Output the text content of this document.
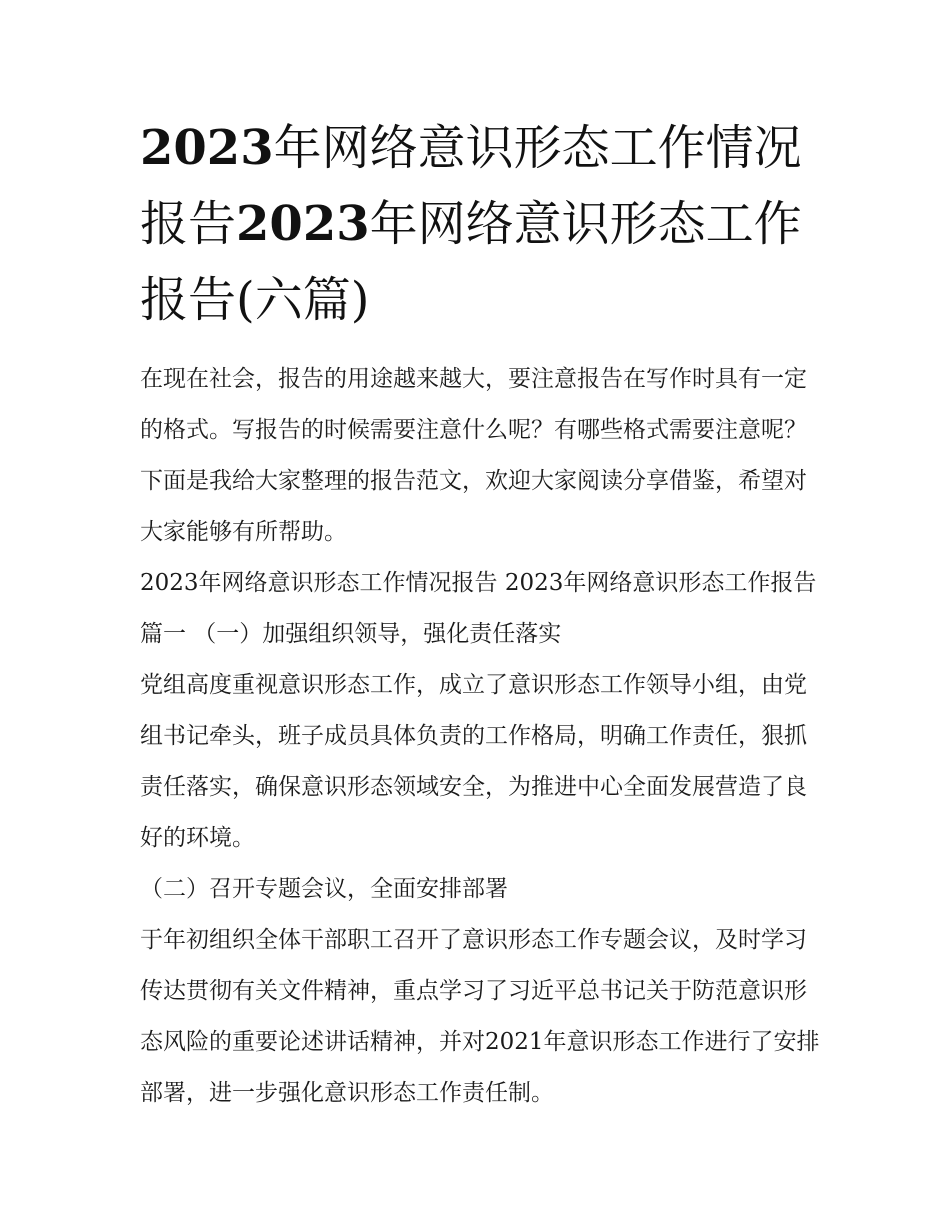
2023年网络意识形态工作情况报告2023年网络意识形态工作报告(六篇)

在现在社会，报告的用途越来越大，要注意报告在写作时具有一定的格式。写报告的时候需要注意什么呢？有哪些格式需要注意呢？下面是我给大家整理的报告范文，欢迎大家阅读分享借鉴，希望对大家能够有所帮助。

2023年网络意识形态工作情况报告 2023年网络意识形态工作报告篇一 （一）加强组织领导，强化责任落实

党组高度重视意识形态工作，成立了意识形态工作领导小组，由党组书记牵头，班子成员具体负责的工作格局，明确工作责任，狠抓责任落实，确保意识形态领域安全，为推进中心全面发展营造了良好的环境。

（二）召开专题会议，全面安排部署

于年初组织全体干部职工召开了意识形态工作专题会议，及时学习传达贯彻有关文件精神，重点学习了习近平总书记关于防范意识形态风险的重要论述讲话精神，并对2021年意识形态工作进行了安排部署，进一步强化意识形态工作责任制。
